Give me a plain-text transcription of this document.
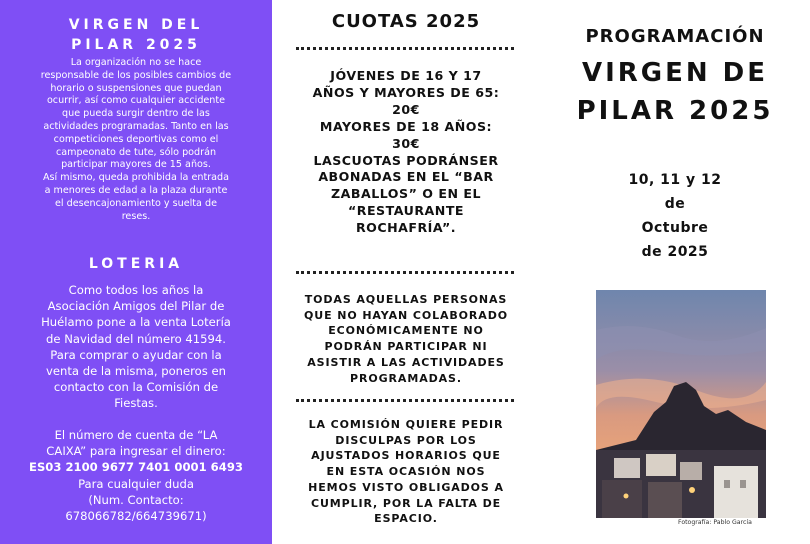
VIRGEN DEL
PILAR 2025
La organización no se hace
responsable de los posibles cambios de
horario o suspensiones que puedan
ocurrir, así como cualquier accidente
que pueda surgir dentro de las
actividades programadas. Tanto en las
competiciones deportivas como el
campeonato de tute, sólo podrán
participar mayores de 15 años.
Así mismo, queda prohibida la entrada
a menores de edad a la plaza durante
el desencajonamiento y suelta de
reses.
LOTERIA
Como todos los años la
Asociación Amigos del Pilar de
Huélamo pone a la venta Lotería
de Navidad del número 41594.
Para comprar o ayudar con la
venta de la misma, poneros en
contacto con la Comisión de
Fiestas.
El número de cuenta de “LA
CAIXA” para ingresar el dinero:
ES03 2100 9677 7401 0001 6493
Para cualquier duda
(Num. Contacto:
678066782/664739671)
CUOTAS 2025
JÓVENES DE 16 Y 17
AÑOS Y MAYORES DE 65:
20€
MAYORES DE 18 AÑOS:
30€
LASCUOTAS PODRÁNSER
ABONADAS EN EL “BAR
ZABALLOS” O EN EL
“RESTAURANTE
ROCHAFRÍA”.
TODAS AQUELLAS PERSONAS
QUE NO HAYAN COLABORADO
ECONÓMICAMENTE NO
PODRÁN PARTICIPAR NI
ASISTIR A LAS ACTIVIDADES
PROGRAMADAS.
LA COMISIÓN QUIERE PEDIR
DISCULPAS POR LOS
AJUSTADOS HORARIOS QUE
EN ESTA OCASIÓN NOS
HEMOS VISTO OBLIGADOS A
CUMPLIR, POR LA FALTA DE
ESPACIO.
PROGRAMACIÓN
VIRGEN DE
PILAR 2025
10, 11 y 12
de
Octubre
de 2025
Fotografía: Pablo García
